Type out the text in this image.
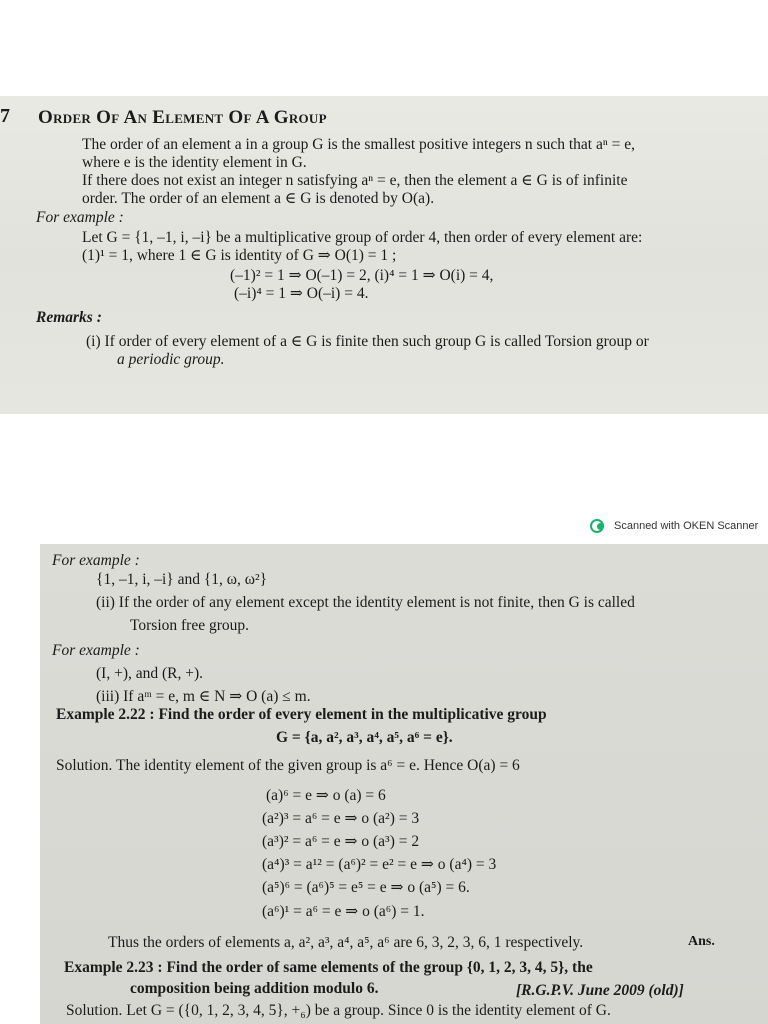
7 Order Of An Element Of A Group
The order of an element a in a group G is the smallest positive integers n such that aⁿ = e,
where e is the identity element in G.
If there does not exist an integer n satisfying aⁿ = e, then the element a ∈ G is of infinite
order. The order of an element a ∈ G is denoted by O(a).
For example :
Let G = {1, –1, i, –i} be a multiplicative group of order 4, then order of every element are:
(1)¹ = 1, where 1 ∈ G is identity of G ⇒ O(1) = 1 ;
(–1)² = 1 ⇒ O(–1) = 2, (i)⁴ = 1 ⇒ O(i) = 4,
(–i)⁴ = 1 ⇒ O(–i) = 4.
Remarks :
(i) If order of every element of a ∈ G is finite then such group G is called Torsion group or
a periodic group.
Scanned with OKEN Scanner
For example :
{1, –1, i, –i} and {1, ω, ω²}
(ii) If the order of any element except the identity element is not finite, then G is called
Torsion free group.
For example :
(I, +), and (R, +).
(iii) If aᵐ = e, m ∈ N ⇒ O (a) ≤ m.
Example 2.22 : Find the order of every element in the multiplicative group
G = {a, a², a³, a⁴, a⁵, a⁶ = e}.
Solution. The identity element of the given group is a⁶ = e. Hence O(a) = 6
(a)⁶ = e ⇒ o (a) = 6
(a²)³ = a⁶ = e ⇒ o (a²) = 3
(a³)² = a⁶ = e ⇒ o (a³) = 2
(a⁴)³ = a¹² = (a⁶)² = e² = e ⇒ o (a⁴) = 3
(a⁵)⁶ = (a⁶)⁵ = e⁵ = e ⇒ o (a⁵) = 6.
(a⁶)¹ = a⁶ = e ⇒ o (a⁶) = 1.
Thus the orders of elements a, a², a³, a⁴, a⁵, a⁶ are 6, 3, 2, 3, 6, 1 respectively.	Ans.
Example 2.23 : Find the order of same elements of the group {0, 1, 2, 3, 4, 5}, the
composition being addition modulo 6.	[R.G.P.V. June 2009 (old)]
Solution. Let G = ({0, 1, 2, 3, 4, 5}, +₆) be a group. Since 0 is the identity element of G.
